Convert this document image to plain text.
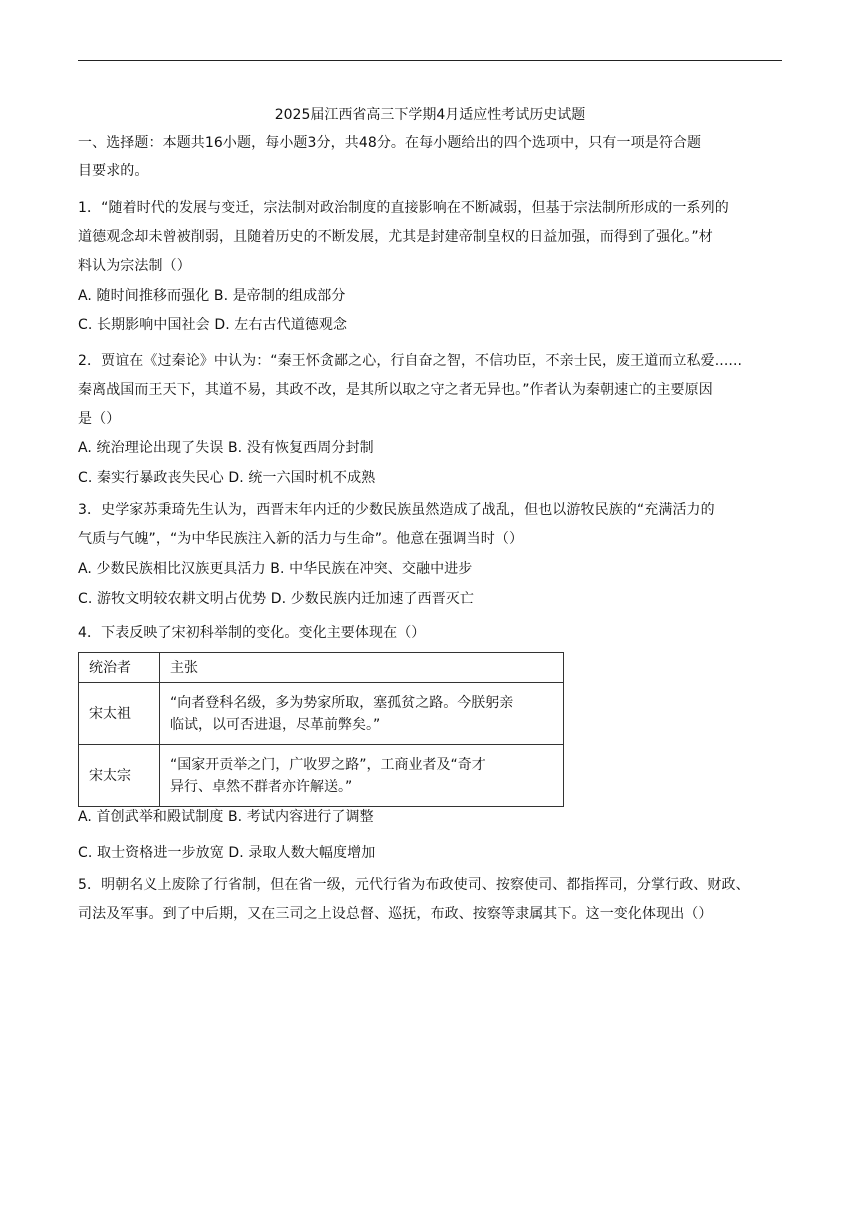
2025届江西省高三下学期4月适应性考试历史试题
一、选择题：本题共16小题，每小题3分，共48分。在每小题给出的四个选项中，只有一项是符合题
目要求的。
1．“随着时代的发展与变迁，宗法制对政治制度的直接影响在不断减弱，但基于宗法制所形成的一系列的
道德观念却未曾被削弱，且随着历史的不断发展，尤其是封建帝制皇权的日益加强，而得到了强化。”材
料认为宗法制（）
A. 随时间推移而强化 B. 是帝制的组成部分
C. 长期影响中国社会 D. 左右古代道德观念
2．贾谊在《过秦论》中认为：“秦王怀贪鄙之心，行自奋之智，不信功臣，不亲士民，废王道而立私爱......
秦离战国而王天下，其道不易，其政不改，是其所以取之守之者无异也。”作者认为秦朝速亡的主要原因
是（）
A. 统治理论出现了失误 B. 没有恢复西周分封制
C. 秦实行暴政丧失民心 D. 统一六国时机不成熟
3．史学家苏秉琦先生认为，西晋末年内迁的少数民族虽然造成了战乱，但也以游牧民族的“充满活力的
气质与气魄”，“为中华民族注入新的活力与生命”。他意在强调当时（）
A. 少数民族相比汉族更具活力 B. 中华民族在冲突、交融中进步
C. 游牧文明较农耕文明占优势 D. 少数民族内迁加速了西晋灭亡
4．下表反映了宋初科举制的变化。变化主要体现在（）
统治者	主张
宋太祖	“向者登科名级，多为势家所取，塞孤贫之路。今朕躬亲
临试，以可否进退，尽革前弊矣。”

宋太宗	“国家开贡举之门，广收罗之路”，工商业者及“奇才
异行、卓然不群者亦许解送。”
A. 首创武举和殿试制度 B. 考试内容进行了调整
C. 取士资格进一步放宽 D. 录取人数大幅度增加
5．明朝名义上废除了行省制，但在省一级，元代行省为布政使司、按察使司、都指挥司，分掌行政、财政、
司法及军事。到了中后期，又在三司之上设总督、巡抚，布政、按察等隶属其下。这一变化体现出（）
